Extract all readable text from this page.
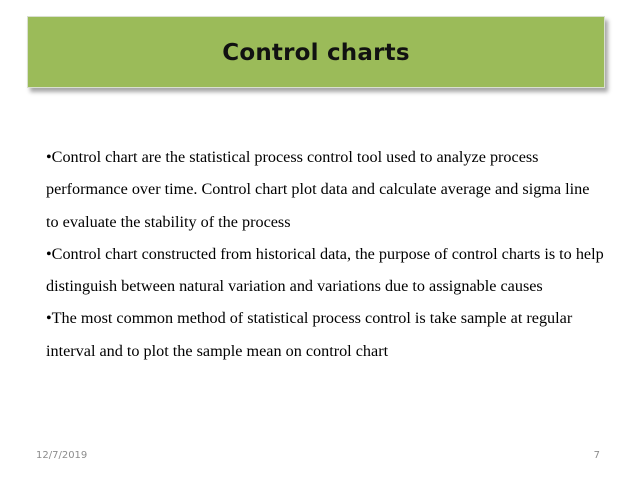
Control charts
•Control chart are the statistical process control tool used to analyze process performance over time. Control chart plot data and calculate average and sigma line to evaluate the stability of the process
•Control chart constructed from historical data, the purpose of control charts is to help distinguish between natural variation and variations due to assignable causes
•The most common method of statistical process control is take sample at regular interval and to plot the sample mean on control chart
12/7/2019	7
